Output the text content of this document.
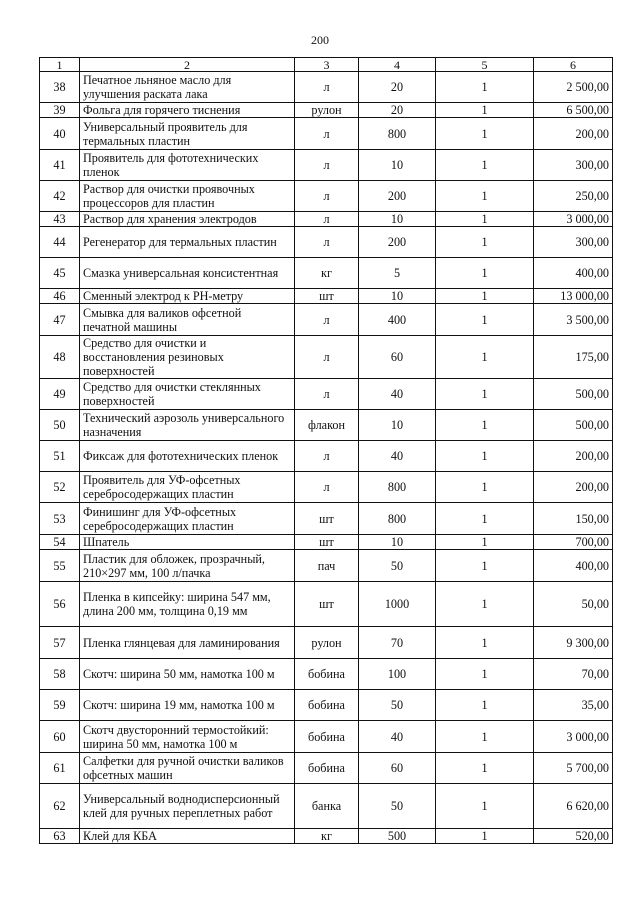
200
1	2	3	4	5	6
38	Печатное льняное масло для улучшения раската лака	л	20	1	2 500,00
39	Фольга для горячего тиснения	рулон	20	1	6 500,00
40	Универсальный проявитель для термальных пластин	л	800	1	200,00
41	Проявитель для фототехнических пленок	л	10	1	300,00
42	Раствор для очистки проявочных процессоров для пластин	л	200	1	250,00
43	Раствор для хранения электродов	л	10	1	3 000,00
44	Регенератор для термальных пластин	л	200	1	300,00
45	Смазка универсальная консистентная	кг	5	1	400,00
46	Сменный электрод к РН-метру	шт	10	1	13 000,00
47	Смывка для валиков офсетной печатной машины	л	400	1	3 500,00
48	Средство для очистки и восстановления резиновых поверхностей	л	60	1	175,00
49	Средство для очистки стеклянных поверхностей	л	40	1	500,00
50	Технический аэрозоль универсального назначения	флакон	10	1	500,00
51	Фиксаж для фототехнических пленок	л	40	1	200,00
52	Проявитель для УФ-офсетных серебросодержащих пластин	л	800	1	200,00
53	Финишинг для УФ-офсетных серебросодержащих пластин	шт	800	1	150,00
54	Шпатель	шт	10	1	700,00
55	Пластик для обложек, прозрачный, 210×297 мм, 100 л/пачка	пач	50	1	400,00
56	Пленка в кипсейку: ширина 547 мм, длина 200 мм, толщина 0,19 мм	шт	1000	1	50,00
57	Пленка глянцевая для ламинирования	рулон	70	1	9 300,00
58	Скотч: ширина 50 мм, намотка 100 м	бобина	100	1	70,00
59	Скотч: ширина 19 мм, намотка 100 м	бобина	50	1	35,00
60	Скотч двусторонний термостойкий: ширина 50 мм, намотка 100 м	бобина	40	1	3 000,00
61	Салфетки для ручной очистки валиков офсетных машин	бобина	60	1	5 700,00
62	Универсальный воднодисперсионный клей для ручных переплетных работ	банка	50	1	6 620,00
63	Клей для КБА	кг	500	1	520,00
